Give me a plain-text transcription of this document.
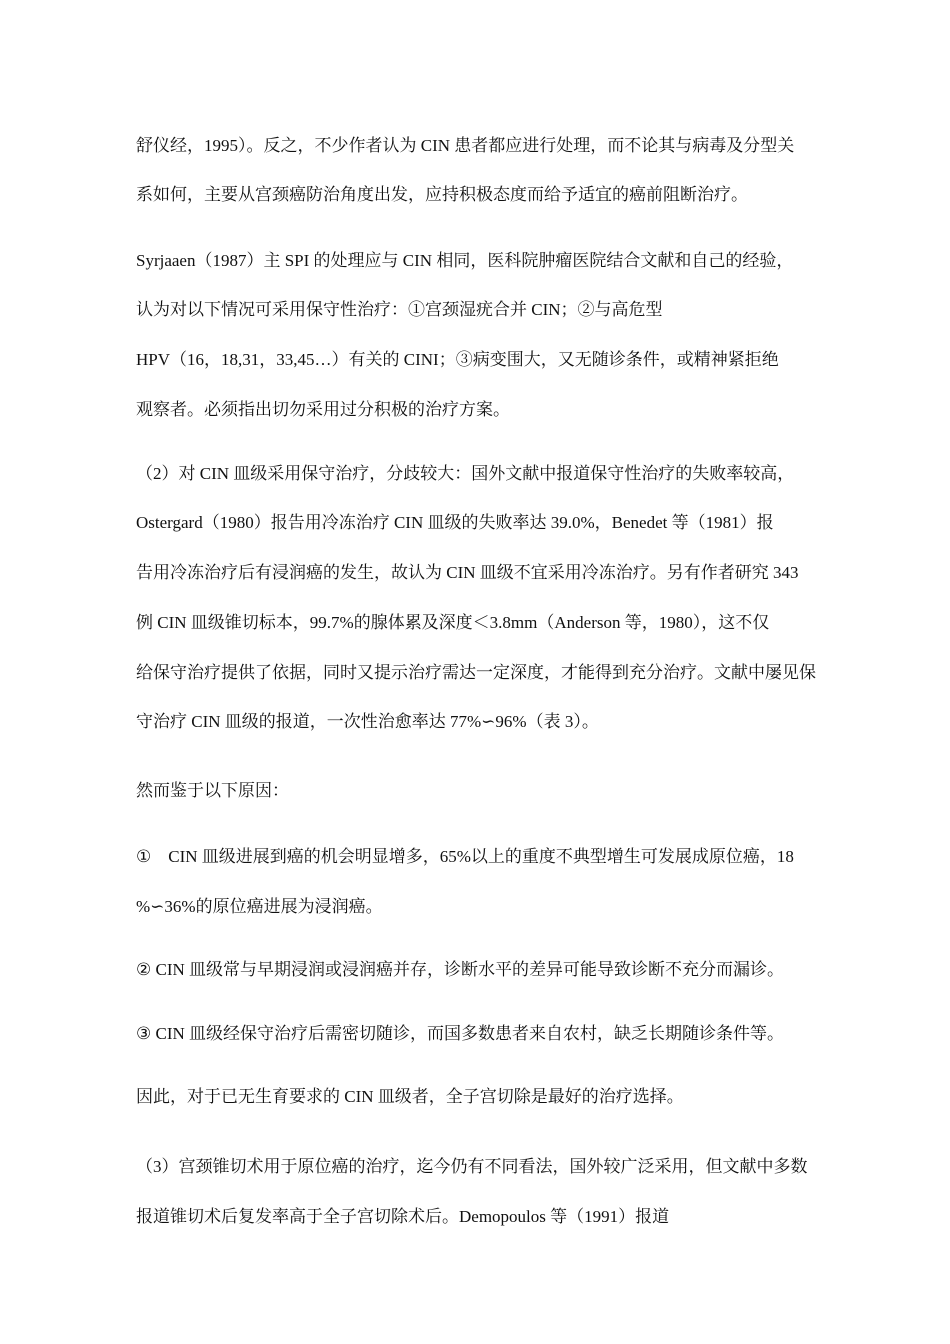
舒仪经，1995）。反之，不少作者认为 CIN 患者都应进行处理，而不论其与病毒及分型关
系如何，主要从宫颈癌防治角度出发，应持积极态度而给予适宜的癌前阻断治疗。
Syrjaaen（1987）主 SPI 的处理应与 CIN 相同，医科院肿瘤医院结合文献和自己的经验，
认为对以下情况可采用保守性治疗：①宫颈湿疣合并 CIN；②与高危型
HPV（16，18,31，33,45…）有关的 CINI；③病变围大，又无随诊条件，或精神紧拒绝
观察者。必须指出切勿采用过分积极的治疗方案。
（2）对 CIN 皿级采用保守治疗，分歧较大：国外文献中报道保守性治疗的失败率较高，
Ostergard（1980）报告用冷冻治疗 CIN 皿级的失败率达 39.0%，Benedet 等（1981）报
告用冷冻治疗后有浸润癌的发生，故认为 CIN 皿级不宜采用冷冻治疗。另有作者研究 343
例 CIN 皿级锥切标本，99.7%的腺体累及深度＜3.8mm（Anderson 等，1980），这不仅
给保守治疗提供了依据，同时又提示治疗需达一定深度，才能得到充分治疗。文献中屡见保
守治疗 CIN 皿级的报道，一次性治愈率达 77%∽96%（表 3）。
然而鉴于以下原因：
①　CIN 皿级进展到癌的机会明显增多，65%以上的重度不典型增生可发展成原位癌，18
%∽36%的原位癌进展为浸润癌。
② CIN 皿级常与早期浸润或浸润癌并存，诊断水平的差异可能导致诊断不充分而漏诊。
③ CIN 皿级经保守治疗后需密切随诊，而国多数患者来自农村，缺乏长期随诊条件等。
因此，对于已无生育要求的 CIN 皿级者，全子宫切除是最好的治疗选择。
（3）宫颈锥切术用于原位癌的治疗，迄今仍有不同看法，国外较广泛采用，但文献中多数
报道锥切术后复发率高于全子宫切除术后。Demopoulos 等（1991）报道
